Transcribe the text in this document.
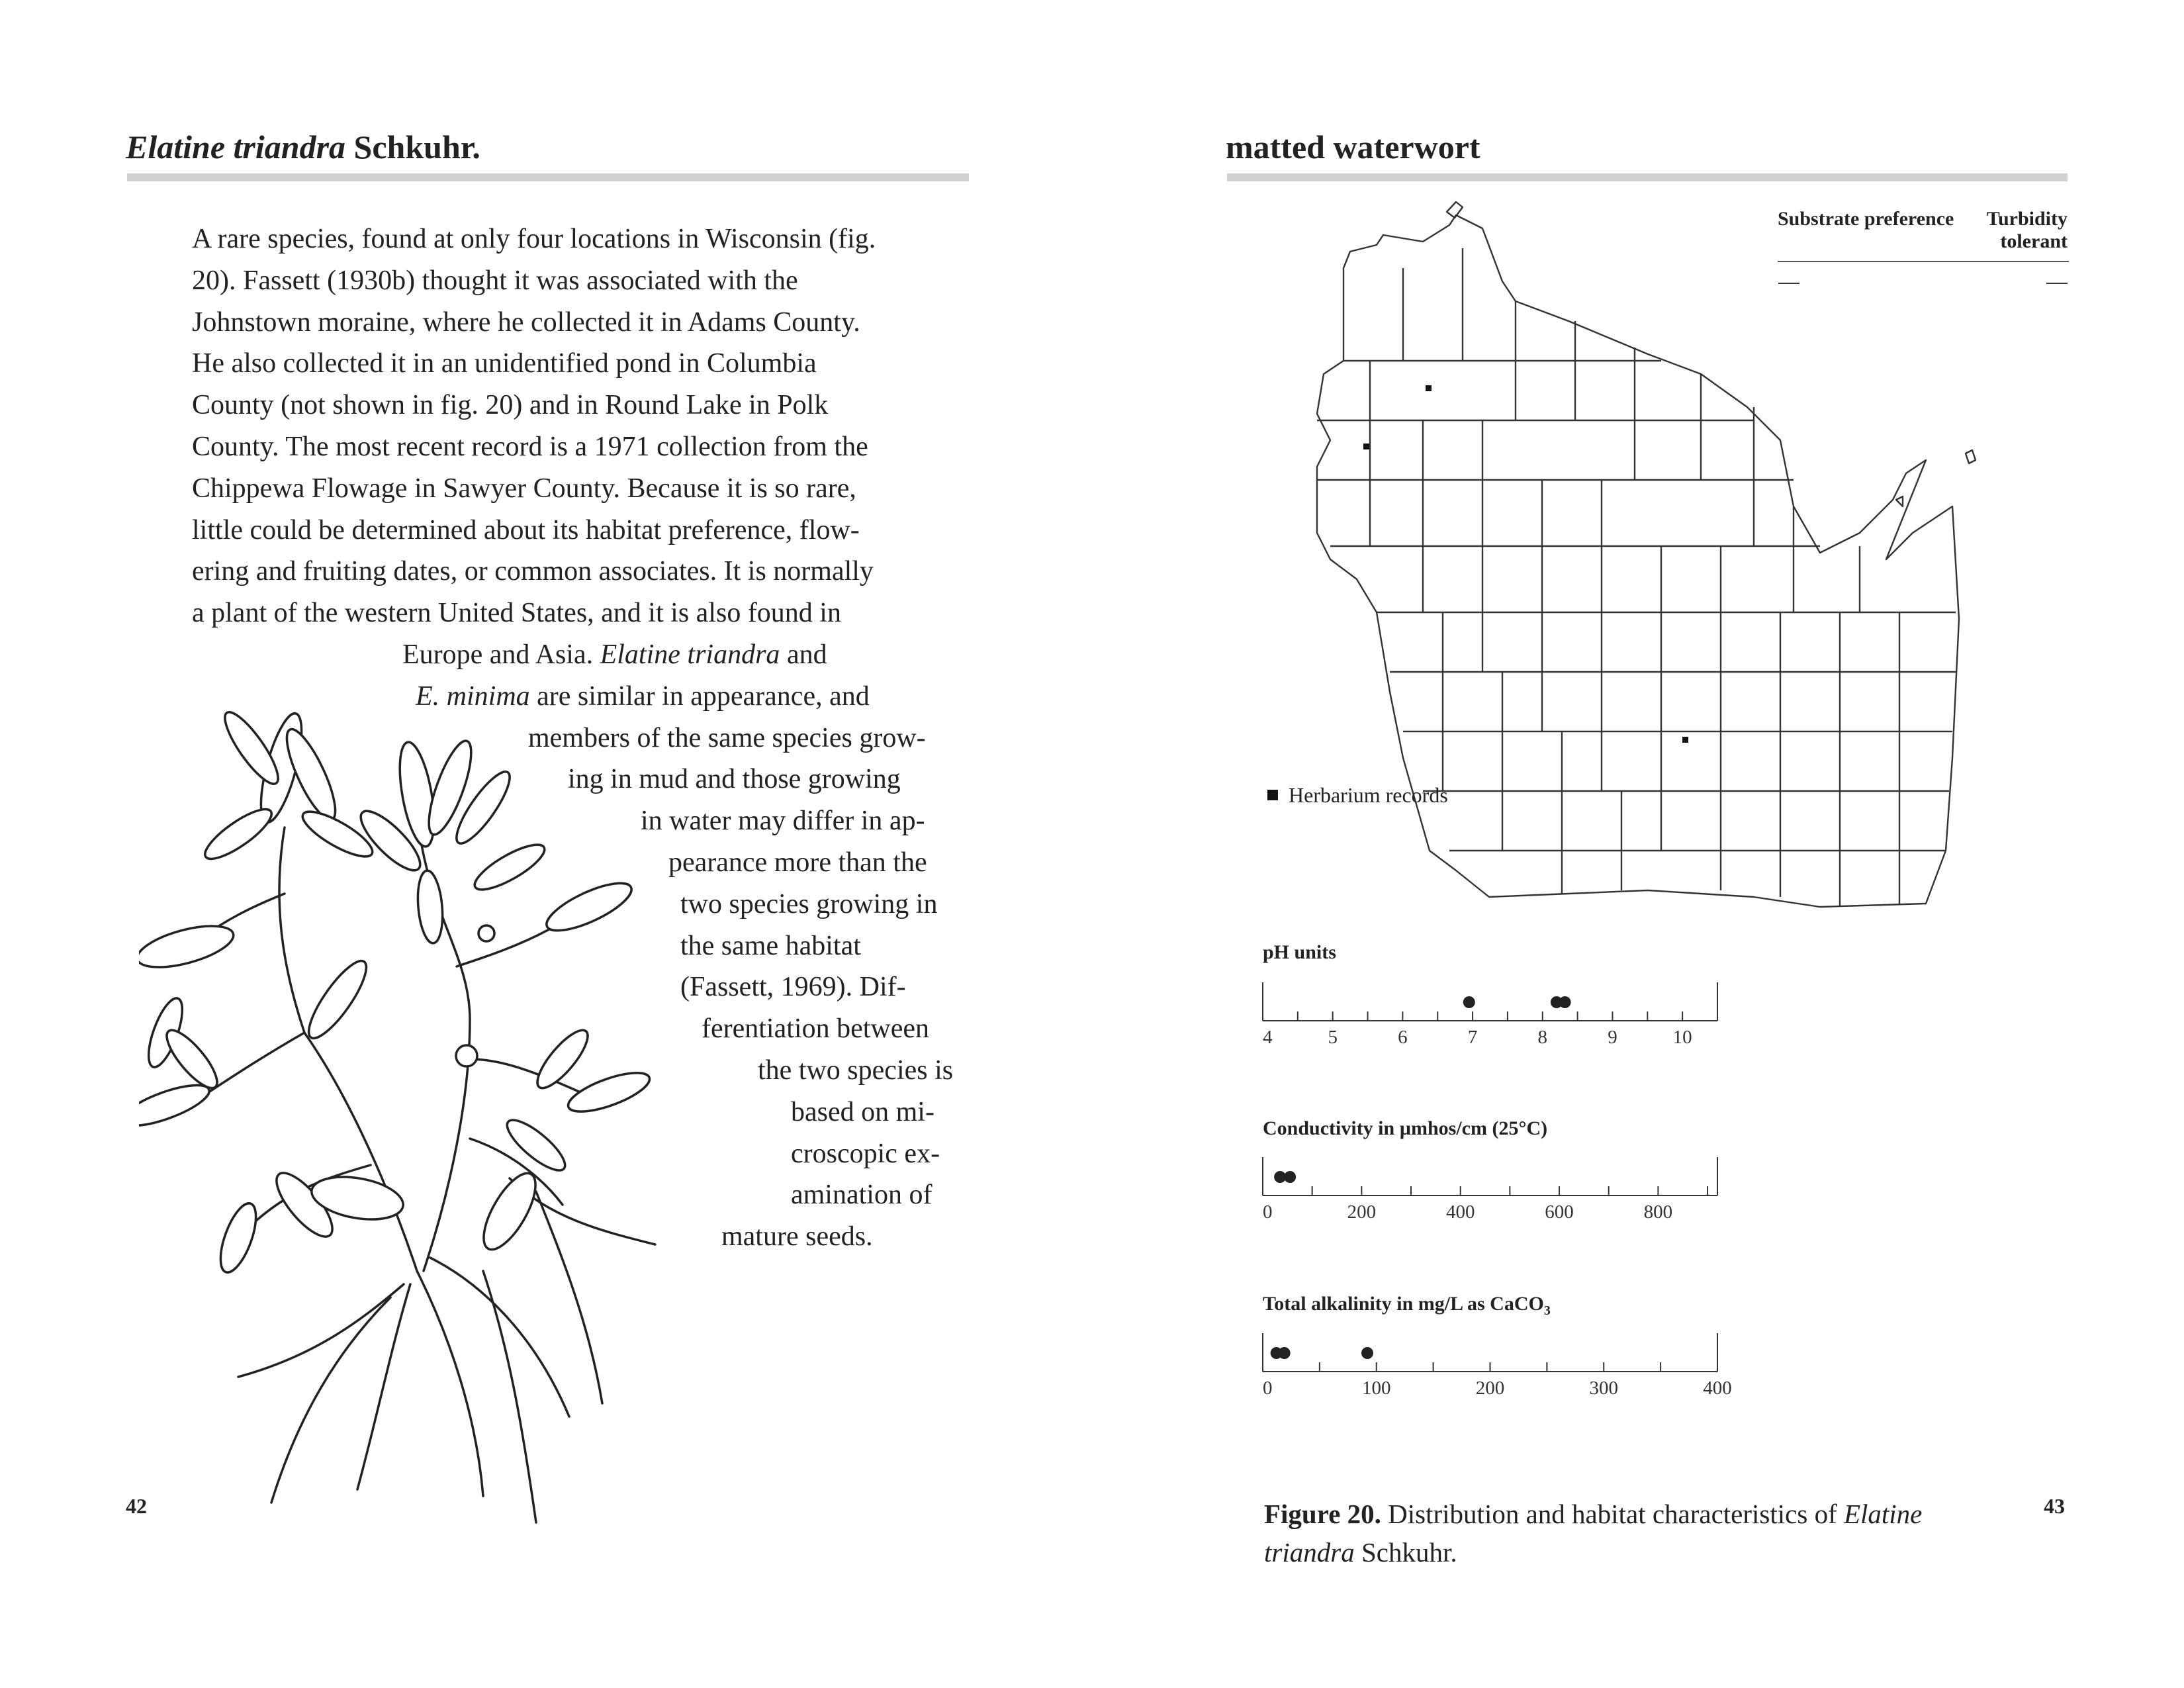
Elatine triandra Schkuhr.
A rare species, found at only four locations in Wisconsin (fig.
20). Fassett (1930b) thought it was associated with the
Johnstown moraine, where he collected it in Adams County.
He also collected it in an unidentified pond in Columbia
County (not shown in fig. 20) and in Round Lake in Polk
County. The most recent record is a 1971 collection from the
Chippewa Flowage in Sawyer County. Because it is so rare,
little could be determined about its habitat preference, flow-
ering and fruiting dates, or common associates. It is normally
a plant of the western United States, and it is also found in
Europe and Asia. Elatine triandra and
E. minima are similar in appearance, and
members of the same species grow-
ing in mud and those growing
in water may differ in ap-
pearance more than the
two species growing in
the same habitat
(Fassett, 1969). Dif-
ferentiation between
the two species is
based on mi-
croscopic ex-
amination of
mature seeds.
42
matted waterwort
Substrate preference	Turbidity tolerant
Herbarium records
pH units
4	5	6	7	8	9	10
Conductivity in µmhos/cm (25°C)
0	200	400	600	800
Total alkalinity in mg/L as CaCO$_3$
0	100	200	300	400
Figure 20. Distribution and habitat characteristics of Elatine triandra Schkuhr.
43
